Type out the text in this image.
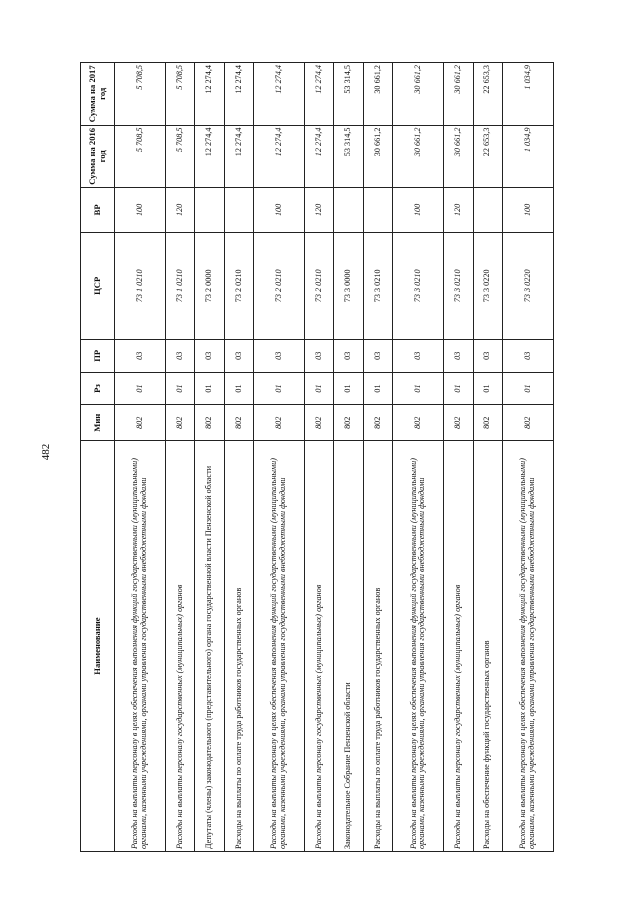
482
Наименование	Мин	Рз	ПР	ЦСР	ВР	Сумма на 2016 год	Сумма на 2017 год
Расходы на выплаты персоналу в целях обеспечения выполнения функций государственными (муниципальными) органами, казенными учреждениями, органами управления государственными внебюджетными фондами	802	01	03	73 1 0210	100	5 708,5	5 708,5
Расходы на выплаты персоналу государственных (муниципальных) органов	802	01	03	73 1 0210	120	5 708,5	5 708,5
Депутаты (члены) законодательного (представительного) органа государственной власти Пензенской области	802	01	03	73 2 0000		12 274,4	12 274,4
Расходы на выплаты по оплате труда работников государственных органов	802	01	03	73 2 0210		12 274,4	12 274,4
Расходы на выплаты персоналу в целях обеспечения выполнения функций государственными (муниципальными) органами, казенными учреждениями, органами управления государственными внебюджетными фондами	802	01	03	73 2 0210	100	12 274,4	12 274,4
Расходы на выплаты персоналу государственных (муниципальных) органов	802	01	03	73 2 0210	120	12 274,4	12 274,4
Законодательное Собрание Пензенской области	802	01	03	73 3 0000		53 314,5	53 314,5
Расходы на выплаты по оплате труда работников государственных органов	802	01	03	73 3 0210		30 661,2	30 661,2
Расходы на выплаты персоналу в целях обеспечения выполнения функций государственными (муниципальными) органами, казенными учреждениями, органами управления государственными внебюджетными фондами	802	01	03	73 3 0210	100	30 661,2	30 661,2
Расходы на выплаты персоналу государственных (муниципальных) органов	802	01	03	73 3 0210	120	30 661,2	30 661,2
Расходы на обеспечение функций государственных органов	802	01	03	73 3 0220		22 653,3	22 653,3
Расходы на выплаты персоналу в целях обеспечения выполнения функций государственными (муниципальными) органами, казенными учреждениями, органами управления государственными внебюджетными фондами	802	01	03	73 3 0220	100	1 034,9	1 034,9
